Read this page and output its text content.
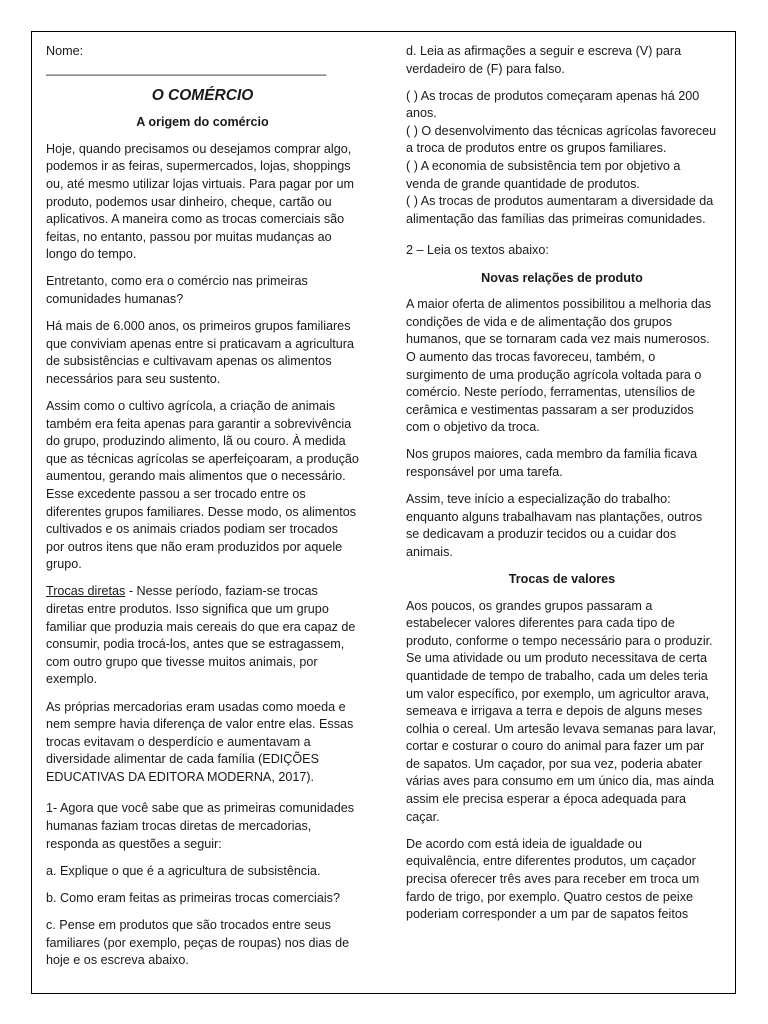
Nome: ________________________________________

O COMÉRCIO

A origem do comércio

Hoje, quando precisamos ou desejamos comprar algo, podemos ir as feiras, supermercados, lojas, shoppings ou, até mesmo utilizar lojas virtuais. Para pagar por um produto, podemos usar dinheiro, cheque, cartão ou aplicativos. A maneira como as trocas comerciais são feitas, no entanto, passou por muitas mudanças ao longo do tempo.

Entretanto, como era o comércio nas primeiras comunidades humanas?

Há mais de 6.000 anos, os primeiros grupos familiares que conviviam apenas entre si praticavam a agricultura de subsistências e cultivavam apenas os alimentos necessários para seu sustento.

Assim como o cultivo agrícola, a criação de animais também era feita apenas para garantir a sobrevivência do grupo, produzindo alimento, lã ou couro. À medida que as técnicas agrícolas se aperfeiçoaram, a produção aumentou, gerando mais alimentos que o necessário. Esse excedente passou a ser trocado entre os diferentes grupos familiares. Desse modo, os alimentos cultivados e os animais criados podiam ser trocados por outros itens que não eram produzidos por aquele grupo.

Trocas diretas - Nesse período, faziam-se trocas diretas entre produtos. Isso significa que um grupo familiar que produzia mais cereais do que era capaz de consumir, podia trocá-los, antes que se estragassem, com outro grupo que tivesse muitos animais, por exemplo.

As próprias mercadorias eram usadas como moeda e nem sempre havia diferença de valor entre elas. Essas trocas evitavam o desperdício e aumentavam a diversidade alimentar de cada família (EDIÇÕES EDUCATIVAS DA EDITORA MODERNA, 2017).

1- Agora que você sabe que as primeiras comunidades humanas faziam trocas diretas de mercadorias, responda as questões a seguir:

a. Explique o que é a agricultura de subsistência.

b. Como eram feitas as primeiras trocas comerciais?

c. Pense em produtos que são trocados entre seus familiares (por exemplo, peças de roupas) nos dias de hoje e os escreva abaixo.

d. Leia as afirmações a seguir e escreva (V) para verdadeiro de (F) para falso.

( ) As trocas de produtos começaram apenas há 200 anos.

( ) O desenvolvimento das técnicas agrícolas favoreceu a troca de produtos entre os grupos familiares.

( ) A economia de subsistência tem por objetivo a venda de grande quantidade de produtos.

( ) As trocas de produtos aumentaram a diversidade da alimentação das famílias das primeiras comunidades.

2 – Leia os textos abaixo:

Novas relações de produto

A maior oferta de alimentos possibilitou a melhoria das condições de vida e de alimentação dos grupos humanos, que se tornaram cada vez mais numerosos. O aumento das trocas favoreceu, também, o surgimento de uma produção agrícola voltada para o comércio. Neste período, ferramentas, utensílios de cerâmica e vestimentas passaram a ser produzidos com o objetivo da troca.

Nos grupos maiores, cada membro da família ficava responsável por uma tarefa.

Assim, teve início a especialização do trabalho: enquanto alguns trabalhavam nas plantações, outros se dedicavam a produzir tecidos ou a cuidar dos animais.

Trocas de valores

Aos poucos, os grandes grupos passaram a estabelecer valores diferentes para cada tipo de produto, conforme o tempo necessário para o produzir. Se uma atividade ou um produto necessitava de certa quantidade de tempo de trabalho, cada um deles teria um valor específico, por exemplo, um agricultor arava, semeava e irrigava a terra e depois de alguns meses colhia o cereal. Um artesão levava semanas para lavar, cortar e costurar o couro do animal para fazer um par de sapatos. Um caçador, por sua vez, poderia abater várias aves para consumo em um único dia, mas ainda assim ele precisa esperar a época adequada para caçar.

De acordo com está ideia de igualdade ou equivalência, entre diferentes produtos, um caçador precisa oferecer três aves para receber em troca um fardo de trigo, por exemplo. Quatro cestos de peixe poderiam corresponder a um par de sapatos feitos
